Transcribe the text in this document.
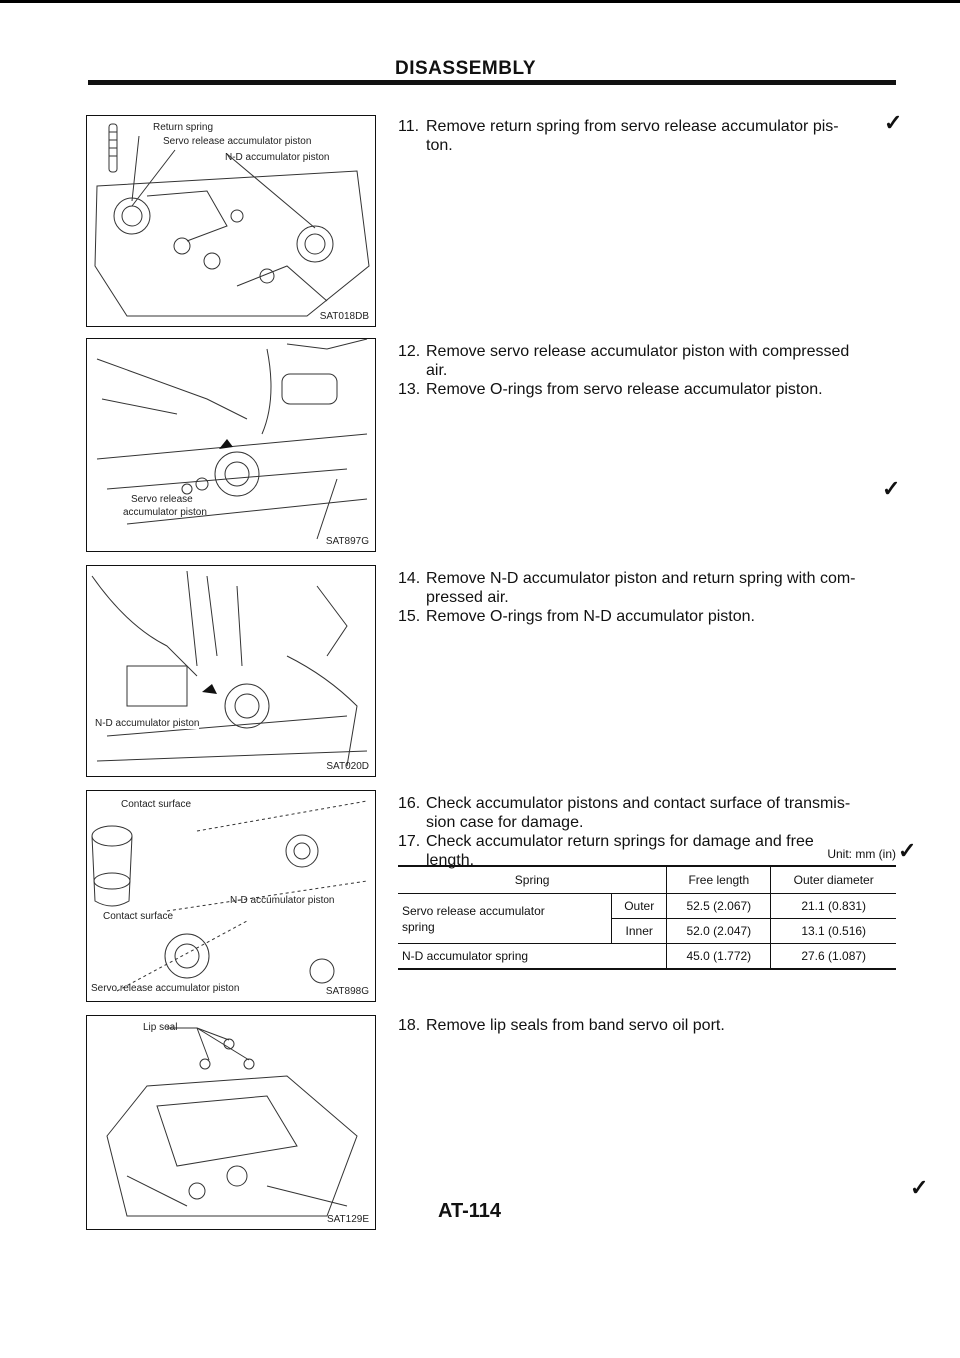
DISASSEMBLY
Return spring
Servo release accumulator piston
N-D accumulator piston
SAT018DB
Servo release
accumulator piston
SAT897G
N-D accumulator piston
SAT020D
Contact surface
N-D accumulator piston
Contact surface
Servo release accumulator piston	SAT898G
Lip seal
SAT129E
11. Remove return spring from servo release accumulator pis-
ton.
12. Remove servo release accumulator piston with compressed
air.
13. Remove O-rings from servo release accumulator piston.
14. Remove N-D accumulator piston and return spring with com-
pressed air.
15. Remove O-rings from N-D accumulator piston.
16. Check accumulator pistons and contact surface of transmis-
sion case for damage.
17. Check accumulator return springs for damage and free
length.	Unit: mm (in)
Spring		Free length	Outer diameter
Servo release accumulator
spring	Outer	52.5 (2.067)	21.1 (0.831)
	Inner	52.0 (2.047)	13.1 (0.516)
N-D accumulator spring		45.0 (1.772)	27.6 (1.087)
18. Remove lip seals from band servo oil port.
✓
✓
✓
✓
AT-114
